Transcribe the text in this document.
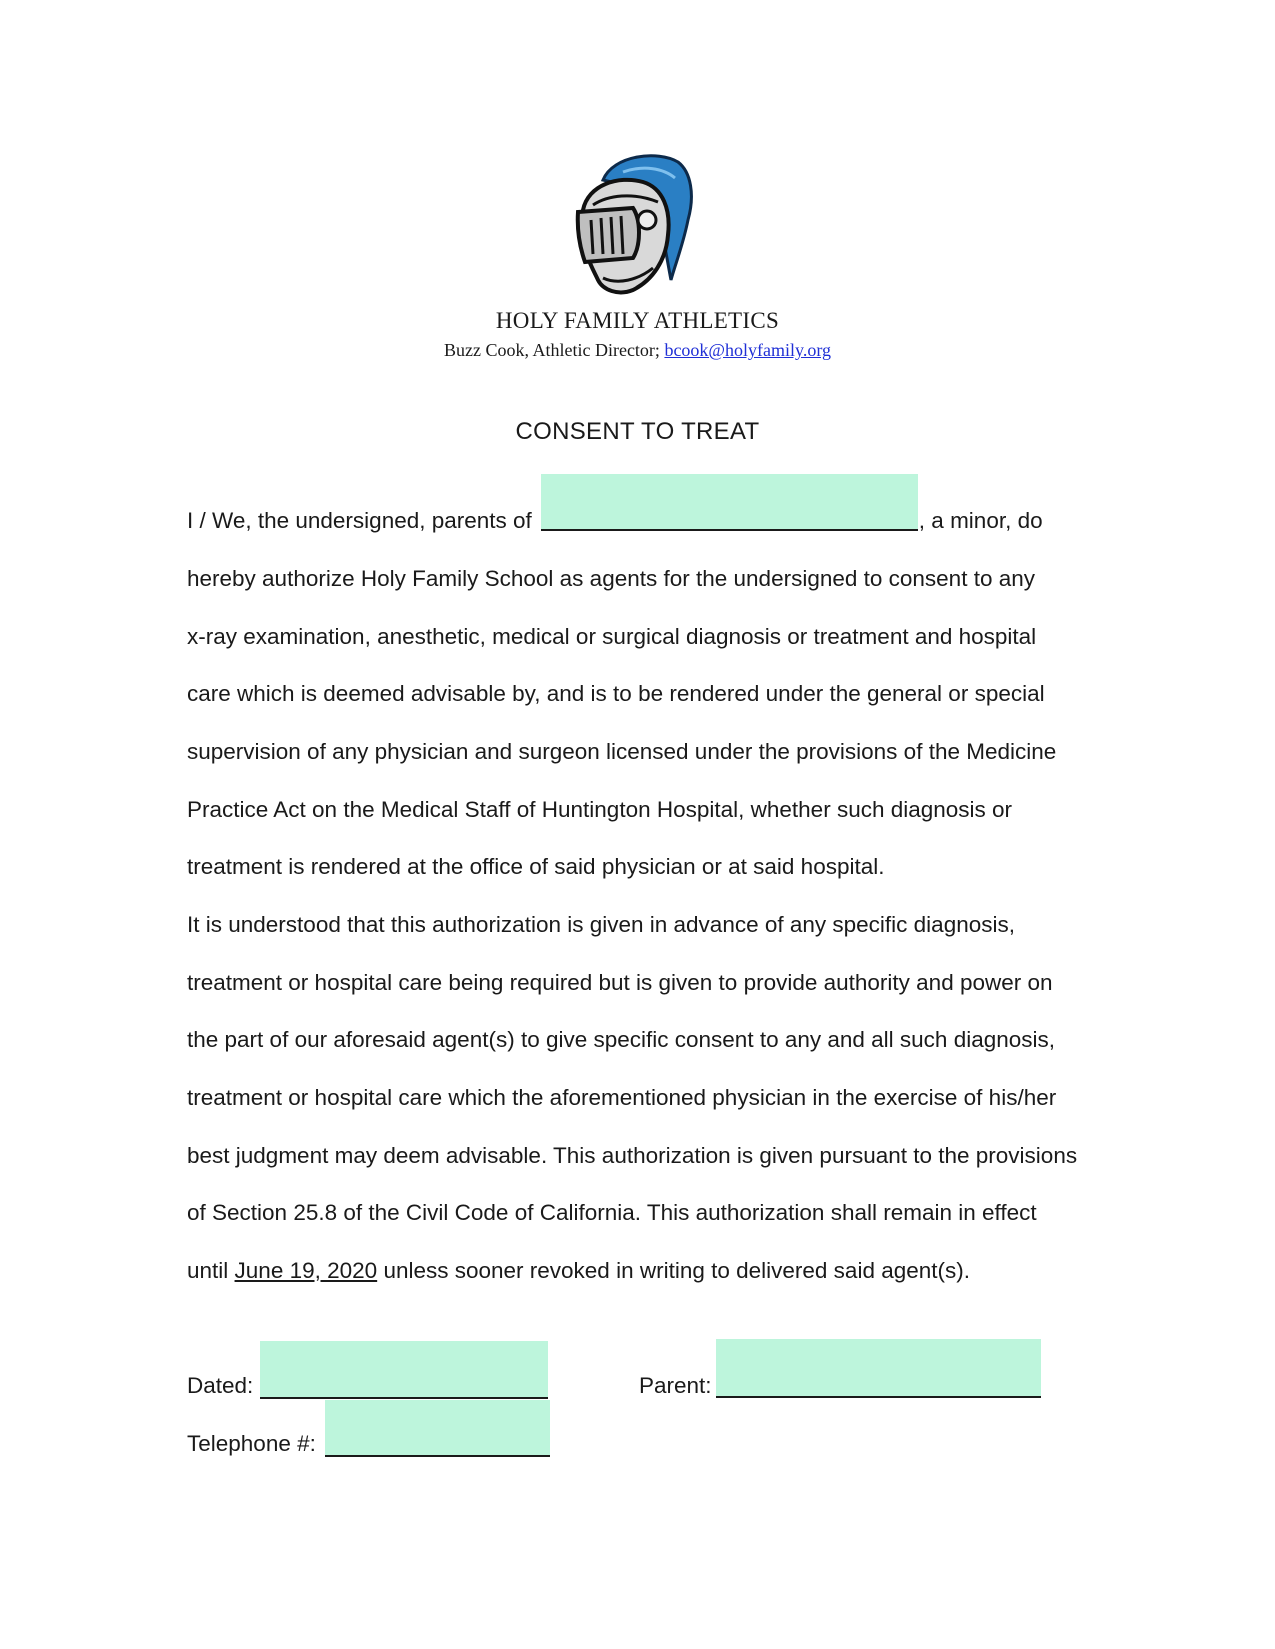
HOLY FAMILY ATHLETICS
Buzz Cook, Athletic Director; bcook@holyfamily.org
CONSENT TO TREAT
I / We, the undersigned, parents of	, a minor, do
hereby authorize Holy Family School as agents for the undersigned to consent to any
x-ray examination, anesthetic, medical or surgical diagnosis or treatment and hospital
care which is deemed advisable by, and is to be rendered under the general or special
supervision of any physician and surgeon licensed under the provisions of the Medicine
Practice Act on the Medical Staff of Huntington Hospital, whether such diagnosis or
treatment is rendered at the office of said physician or at said hospital.
It is understood that this authorization is given in advance of any specific diagnosis,
treatment or hospital care being required but is given to provide authority and power on
the part of our aforesaid agent(s) to give specific consent to any and all such diagnosis,
treatment or hospital care which the aforementioned physician in the exercise of his/her
best judgment may deem advisable. This authorization is given pursuant to the provisions
of Section 25.8 of the Civil Code of California. This authorization shall remain in effect
until June 19, 2020 unless sooner revoked in writing to delivered said agent(s).
Dated:	Parent:
Telephone #:
